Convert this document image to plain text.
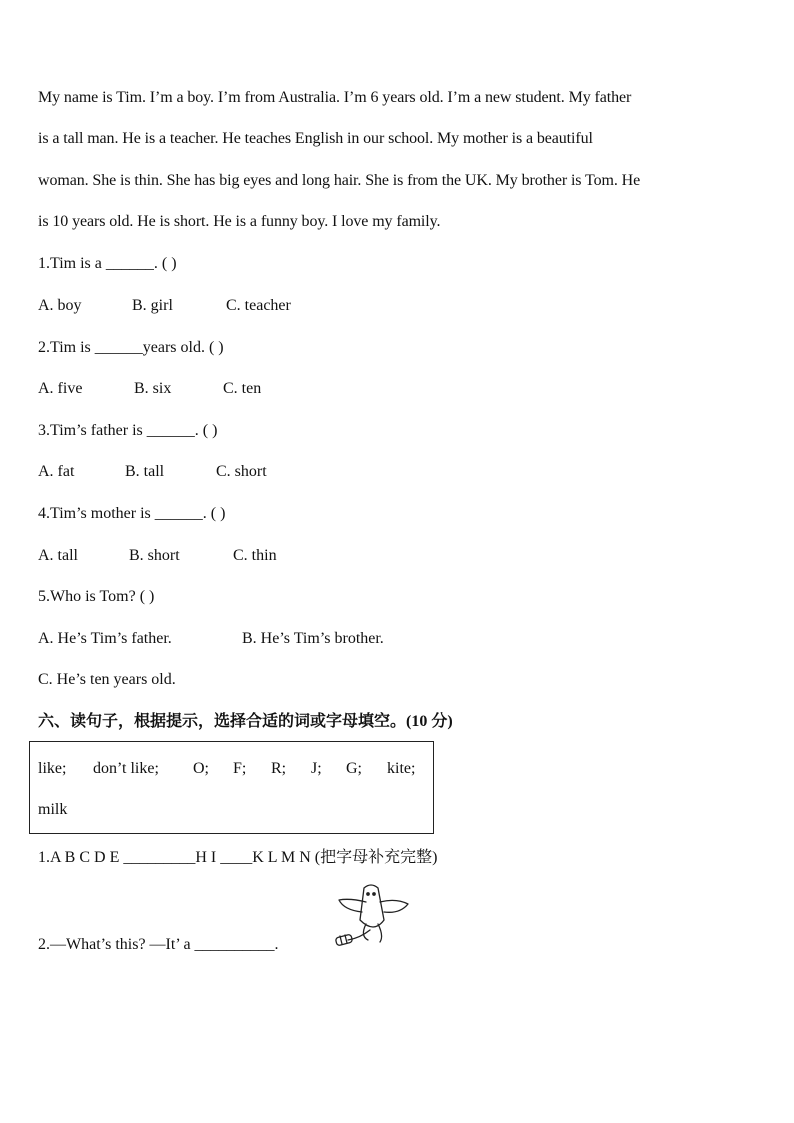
My name is Tim. I’m a boy. I’m from Australia. I’m 6 years old. I’m a new student. My father
is a tall man. He is a teacher. He teaches English in our school. My mother is a beautiful
woman. She is thin. She has big eyes and long hair. She is from the UK. My brother is Tom. He
is 10 years old. He is short. He is a funny boy. I love my family.
1.Tim is a ______. ( )
A. boy	B. girl	C. teacher
2.Tim is ______years old. ( )
A. five	B. six	C. ten
3.Tim’s father is ______. ( )
A. fat	B. tall	C. short
4.Tim’s mother is ______. ( )
A. tall	B. short	C. thin
5.Who is Tom? ( )
A. He’s Tim’s father.	B. He’s Tim’s brother.
C. He’s ten years old.
六、读句子，根据提示，选择合适的词或字母填空。(10 分)
like; don’t like; O; F; R; J; G; kite;
milk
1.A B C D E _________H I ____K L M N (把字母补充完整)
2.—What’s this? —It’ a __________.
